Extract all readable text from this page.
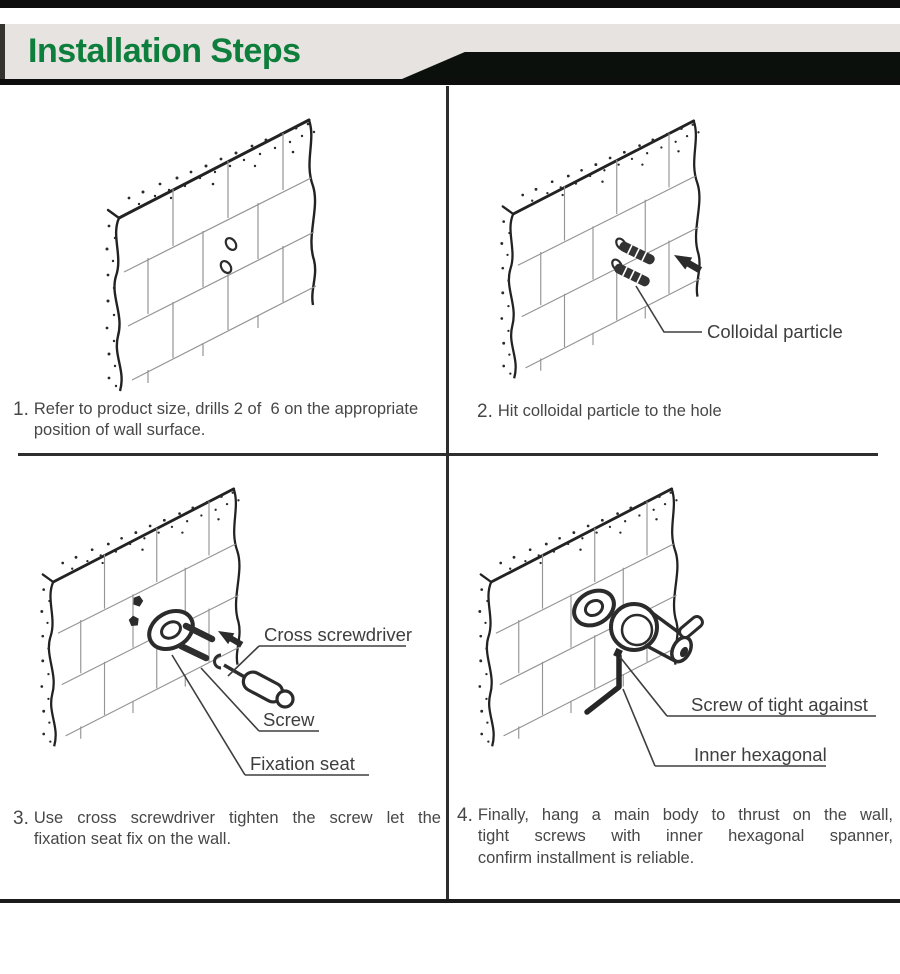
Installation Steps
Colloidal particle
Cross screwdriver
Screw
Fixation seat
Screw of tight against
Inner hexagonal
1. Refer to product size, drills 2 of  6 on the appropriate
position of wall surface.
2. Hit colloidal particle to the hole
3. Use cross screwdriver tighten the screw let the
fixation seat fix on the wall.
4. Finally, hang a main body to thrust on the wall,
tight screws with inner hexagonal spanner,
confirm installment is reliable.
